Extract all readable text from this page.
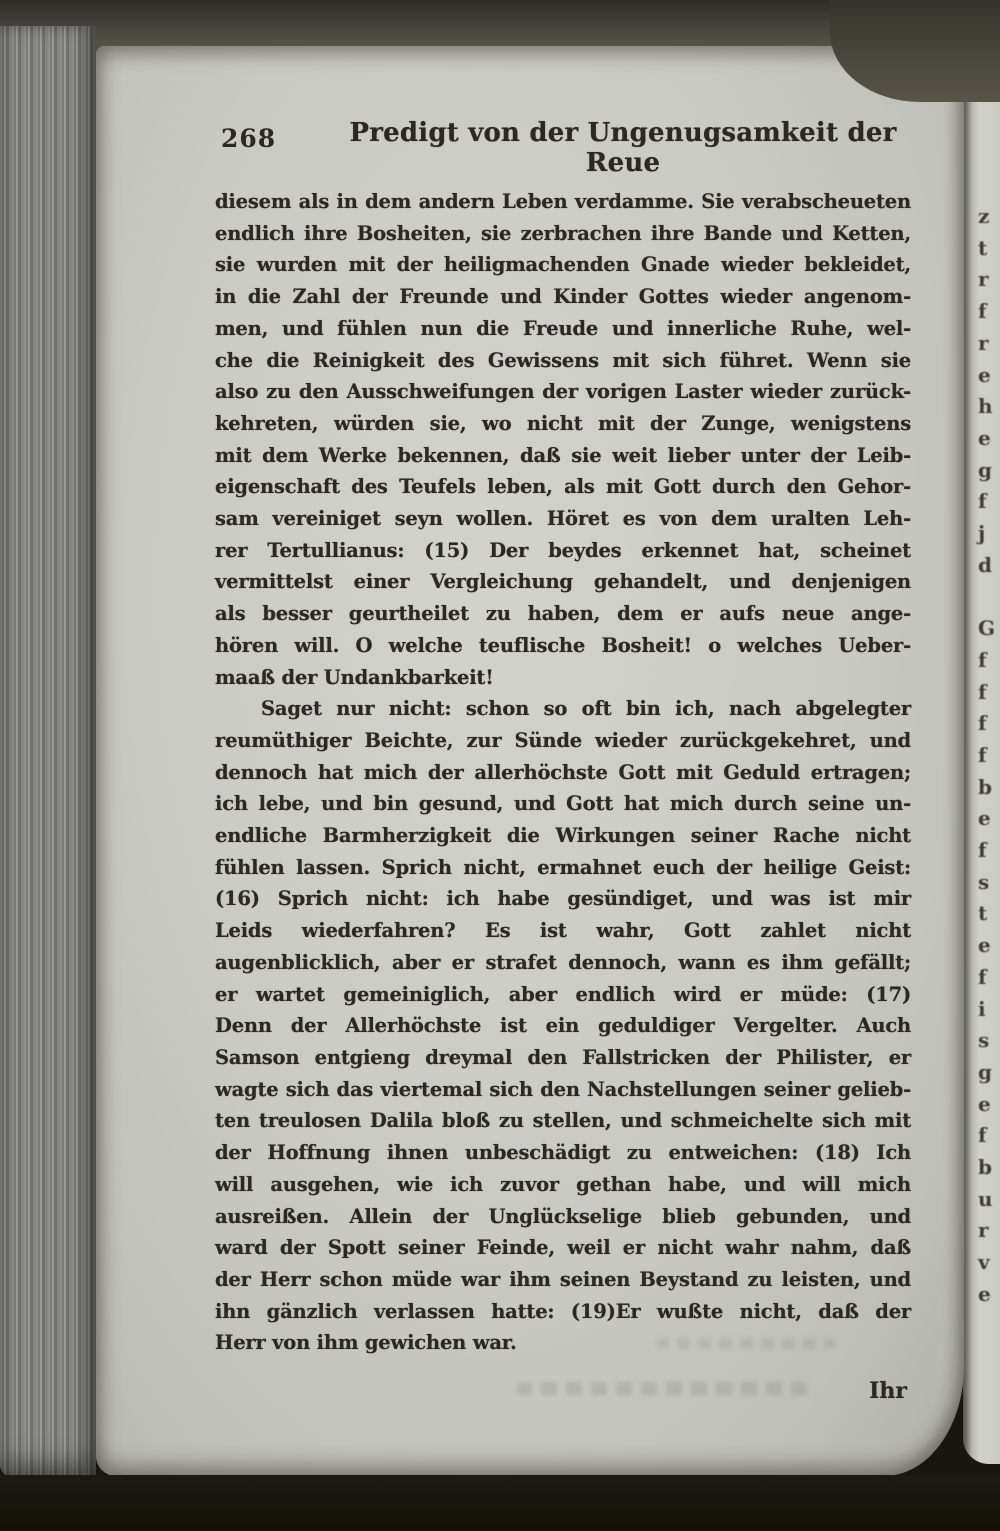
z
t
r
f
r
e
h
e
g
f
j
d
G
f
f
f
f
b
e
f
s
t
e
f
i
s
g
e
f
b
u
r
v
e
268	Predigt von der Ungenugsamkeit der Reue
diesem als in dem andern Leben verdamme. Sie verabscheueten
endlich ihre Bosheiten, sie zerbrachen ihre Bande und Ketten,
sie wurden mit der heiligmachenden Gnade wieder bekleidet,
in die Zahl der Freunde und Kinder Gottes wieder angenom-
men, und fühlen nun die Freude und innerliche Ruhe, wel-
che die Reinigkeit des Gewissens mit sich führet. Wenn sie
also zu den Ausschweifungen der vorigen Laster wieder zurück-
kehreten, würden sie, wo nicht mit der Zunge, wenigstens
mit dem Werke bekennen, daß sie weit lieber unter der Leib-
eigenschaft des Teufels leben, als mit Gott durch den Gehor-
sam vereiniget seyn wollen. Höret es von dem uralten Leh-
rer Tertullianus: (15) Der beydes erkennet hat, scheinet
vermittelst einer Vergleichung gehandelt, und denjenigen
als besser geurtheilet zu haben, dem er aufs neue ange-
hören will. O welche teuflische Bosheit! o welches Ueber-
maaß der Undankbarkeit!
Saget nur nicht: schon so oft bin ich, nach abgelegter
reumüthiger Beichte, zur Sünde wieder zurückgekehret, und
dennoch hat mich der allerhöchste Gott mit Geduld ertragen;
ich lebe, und bin gesund, und Gott hat mich durch seine un-
endliche Barmherzigkeit die Wirkungen seiner Rache nicht
fühlen lassen. Sprich nicht, ermahnet euch der heilige Geist:
(16) Sprich nicht: ich habe gesündiget, und was ist mir
Leids wiederfahren? Es ist wahr, Gott zahlet nicht
augenblicklich, aber er strafet dennoch, wann es ihm gefällt;
er wartet gemeiniglich, aber endlich wird er müde: (17)
Denn der Allerhöchste ist ein geduldiger Vergelter. Auch
Samson entgieng dreymal den Fallstricken der Philister, er
wagte sich das viertemal sich den Nachstellungen seiner gelieb-
ten treulosen Dalila bloß zu stellen, und schmeichelte sich mit
der Hoffnung ihnen unbeschädigt zu entweichen: (18) Ich
will ausgehen, wie ich zuvor gethan habe, und will mich
ausreißen. Allein der Unglückselige blieb gebunden, und
ward der Spott seiner Feinde, weil er nicht wahr nahm, daß
der Herr schon müde war ihm seinen Beystand zu leisten, und
ihn gänzlich verlassen hatte: (19)Er wußte nicht, daß der
Herr von ihm gewichen war.
Ihr
